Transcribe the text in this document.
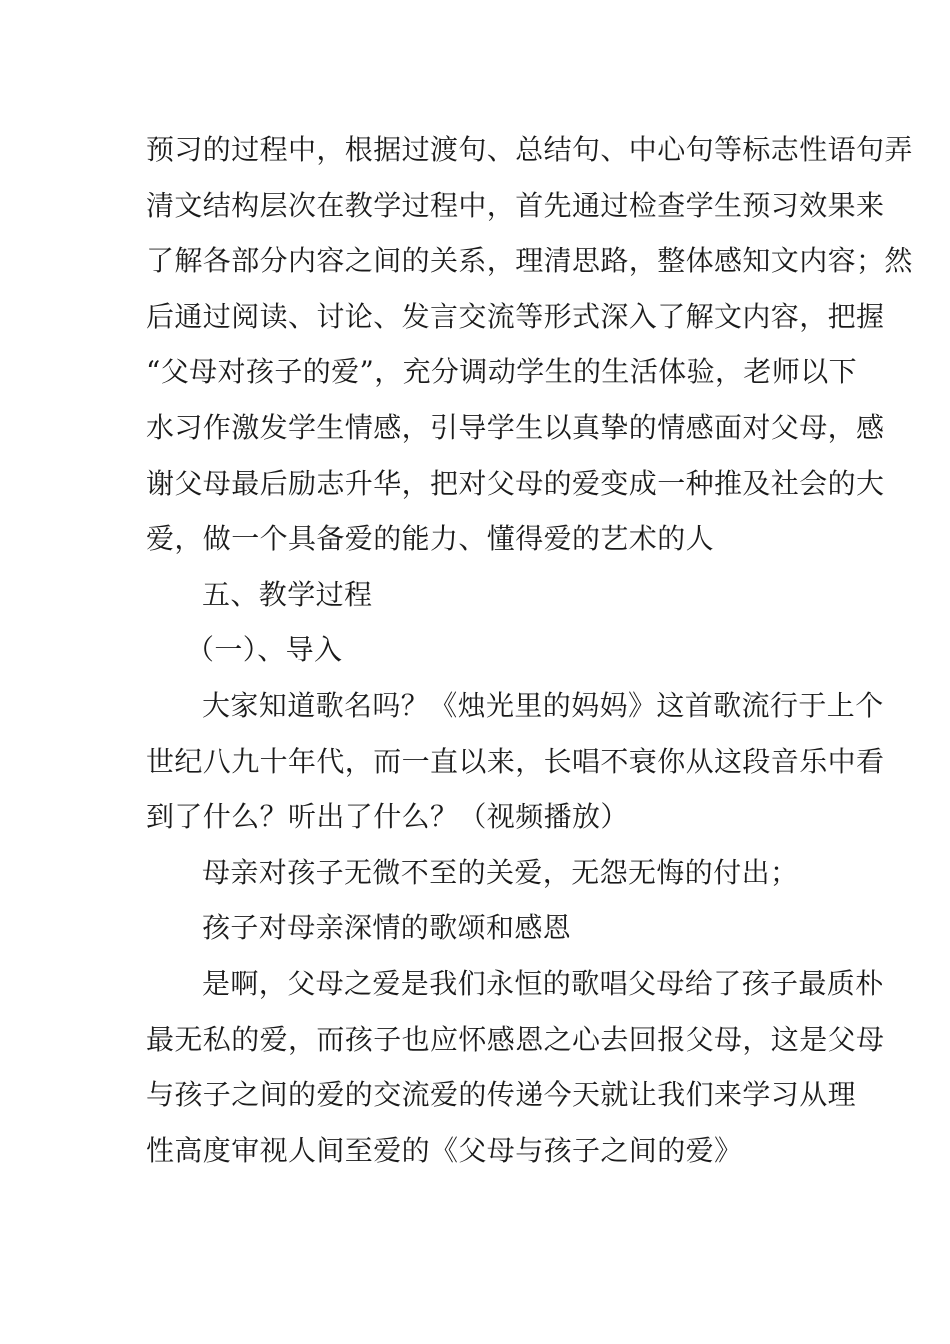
预习的过程中，根据过渡句、总结句、中心句等标志性语句弄
清文结构层次在教学过程中，首先通过检查学生预习效果来
了解各部分内容之间的关系，理清思路，整体感知文内容；然
后通过阅读、讨论、发言交流等形式深入了解文内容，把握
“父母对孩子的爱”，充分调动学生的生活体验，老师以下
水习作激发学生情感，引导学生以真挚的情感面对父母，感
谢父母最后励志升华，把对父母的爱变成一种推及社会的大
爱，做一个具备爱的能力、懂得爱的艺术的人
五、教学过程
（一）、导入
大家知道歌名吗？《烛光里的妈妈》这首歌流行于上个
世纪八九十年代，而一直以来，长唱不衰你从这段音乐中看
到了什么？听出了什么？（视频播放）
母亲对孩子无微不至的关爱，无怨无悔的付出；
孩子对母亲深情的歌颂和感恩
是啊，父母之爱是我们永恒的歌唱父母给了孩子最质朴
最无私的爱，而孩子也应怀感恩之心去回报父母，这是父母
与孩子之间的爱的交流爱的传递今天就让我们来学习从理
性高度审视人间至爱的《父母与孩子之间的爱》
